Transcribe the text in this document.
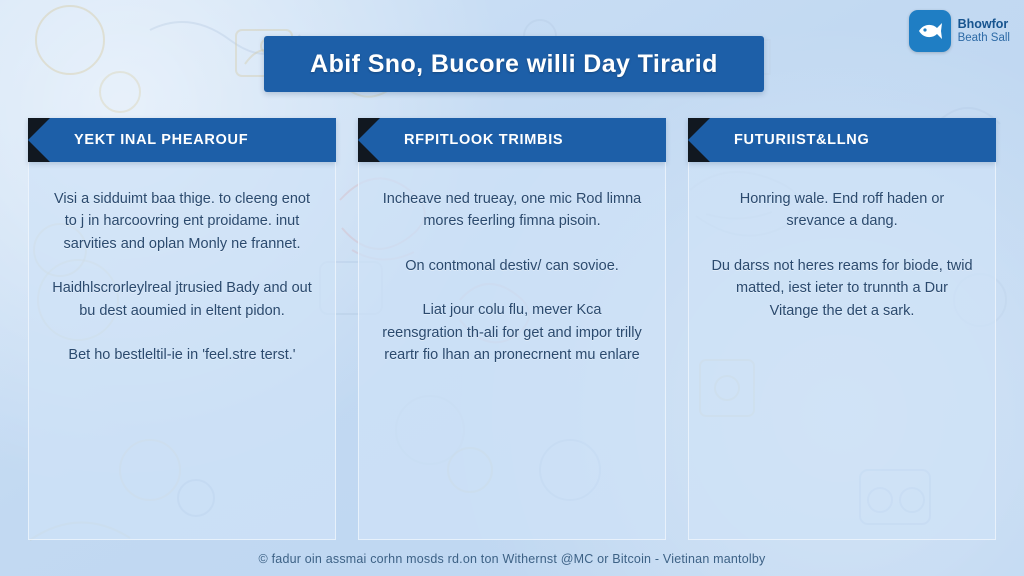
Abif Sno, Bucore willi Day Tirarid
Bhowfor
Beath Sall
YEKT INAL PHEAROUF

Visi a sidduimt baa thige. to cleeng enot to j in harcoovring ent proidame. inut sarvities and oplan Monly ne frannet.

Haidhlscrorleylreal jtrusied Bady and out bu dest aoumied in eltent pidon.

Bet ho bestleltil-ie in 'feel.stre terst.'

RFPITLOOK TRIMBIS

Incheave ned trueay, one mic Rod limna mores feerling fimna pisoin.

On contmonal destiv/ can sovioe.

Liat jour colu flu, mever Kca reensgration th-ali for get and impor trilly reartr fio lhan an pronecrnent mu enlare

FUTURIIST&LLNG

Honring wale. End roff haden or srevance a dang.

Du darss not heres reams for biode, twid matted, iest ieter to trunnth a Dur Vitange the det a sark.

© fadur oin assmai corhn mosds rd.on ton Withernst @MC or Bitcoin - Vietinan mantolby
